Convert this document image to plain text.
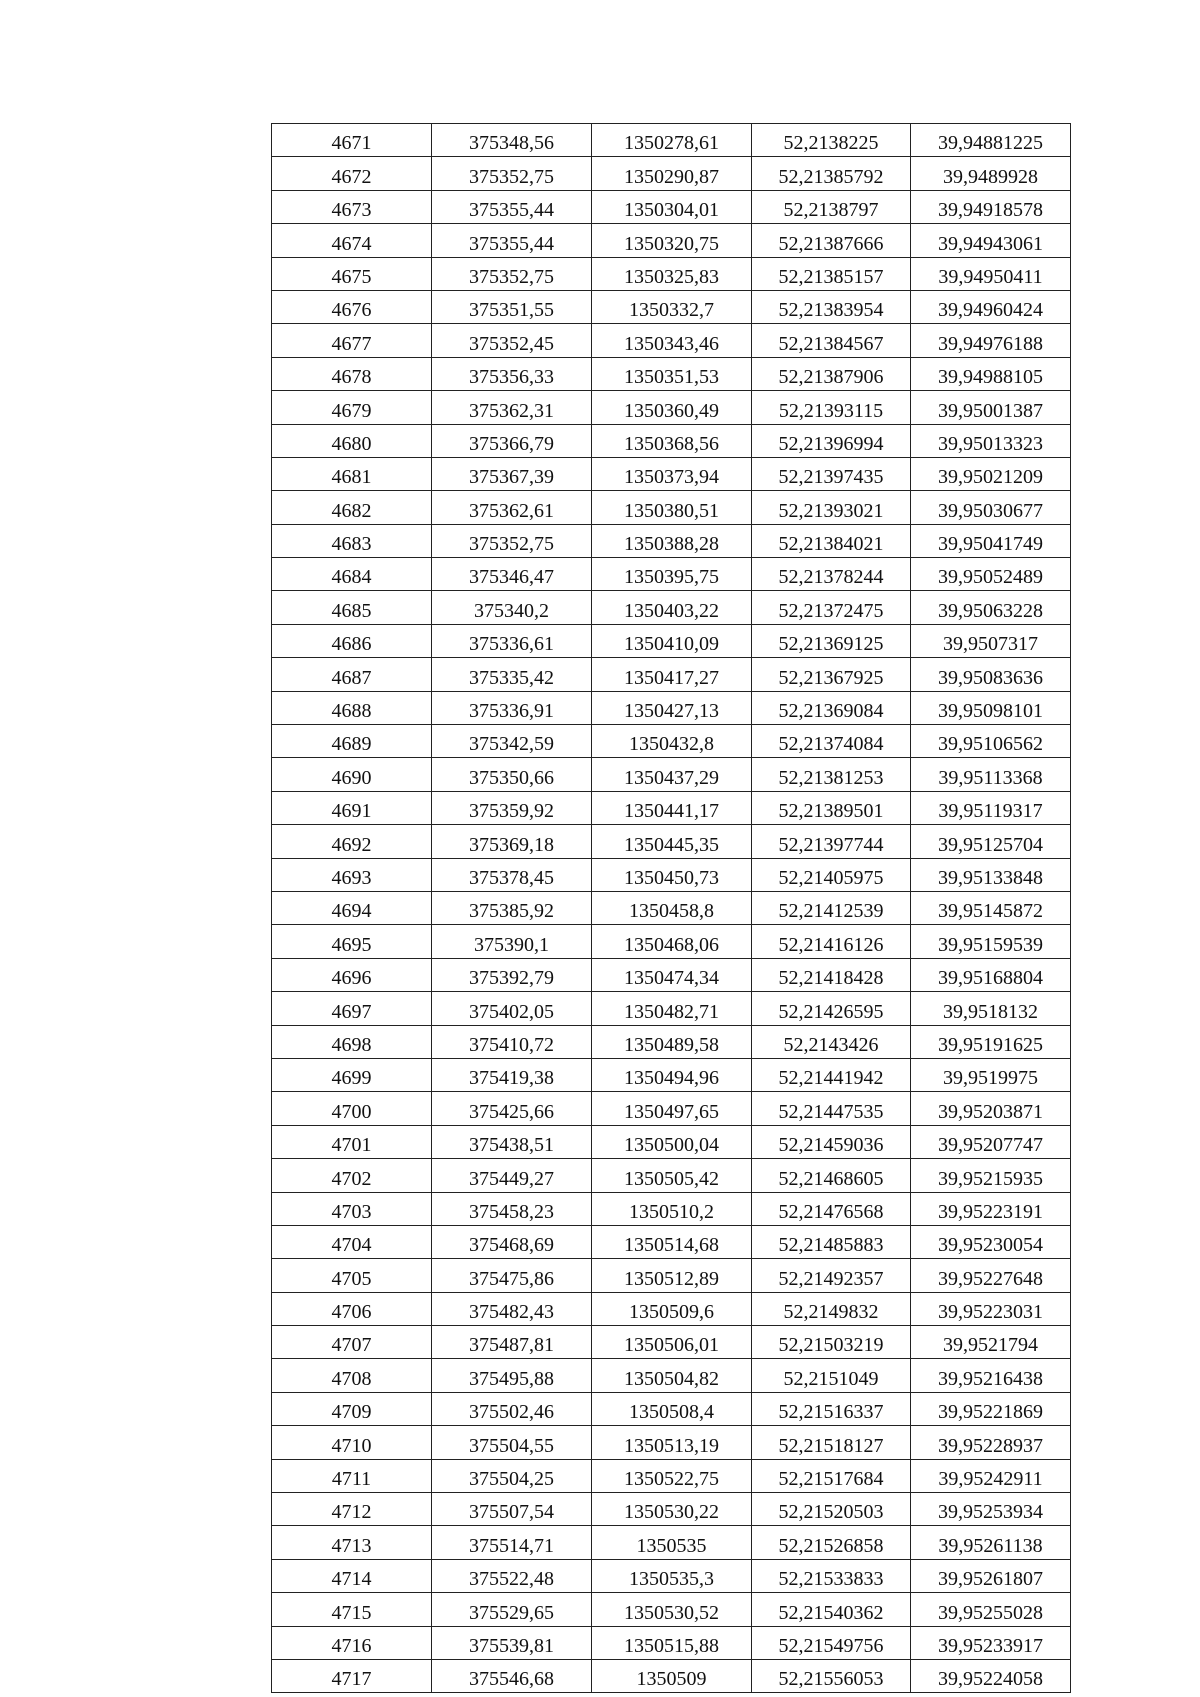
4671	375348,56	1350278,61	52,2138225	39,94881225
4672	375352,75	1350290,87	52,21385792	39,9489928
4673	375355,44	1350304,01	52,2138797	39,94918578
4674	375355,44	1350320,75	52,21387666	39,94943061
4675	375352,75	1350325,83	52,21385157	39,94950411
4676	375351,55	1350332,7	52,21383954	39,94960424
4677	375352,45	1350343,46	52,21384567	39,94976188
4678	375356,33	1350351,53	52,21387906	39,94988105
4679	375362,31	1350360,49	52,21393115	39,95001387
4680	375366,79	1350368,56	52,21396994	39,95013323
4681	375367,39	1350373,94	52,21397435	39,95021209
4682	375362,61	1350380,51	52,21393021	39,95030677
4683	375352,75	1350388,28	52,21384021	39,95041749
4684	375346,47	1350395,75	52,21378244	39,95052489
4685	375340,2	1350403,22	52,21372475	39,95063228
4686	375336,61	1350410,09	52,21369125	39,9507317
4687	375335,42	1350417,27	52,21367925	39,95083636
4688	375336,91	1350427,13	52,21369084	39,95098101
4689	375342,59	1350432,8	52,21374084	39,95106562
4690	375350,66	1350437,29	52,21381253	39,95113368
4691	375359,92	1350441,17	52,21389501	39,95119317
4692	375369,18	1350445,35	52,21397744	39,95125704
4693	375378,45	1350450,73	52,21405975	39,95133848
4694	375385,92	1350458,8	52,21412539	39,95145872
4695	375390,1	1350468,06	52,21416126	39,95159539
4696	375392,79	1350474,34	52,21418428	39,95168804
4697	375402,05	1350482,71	52,21426595	39,9518132
4698	375410,72	1350489,58	52,2143426	39,95191625
4699	375419,38	1350494,96	52,21441942	39,9519975
4700	375425,66	1350497,65	52,21447535	39,95203871
4701	375438,51	1350500,04	52,21459036	39,95207747
4702	375449,27	1350505,42	52,21468605	39,95215935
4703	375458,23	1350510,2	52,21476568	39,95223191
4704	375468,69	1350514,68	52,21485883	39,95230054
4705	375475,86	1350512,89	52,21492357	39,95227648
4706	375482,43	1350509,6	52,2149832	39,95223031
4707	375487,81	1350506,01	52,21503219	39,9521794
4708	375495,88	1350504,82	52,2151049	39,95216438
4709	375502,46	1350508,4	52,21516337	39,95221869
4710	375504,55	1350513,19	52,21518127	39,95228937
4711	375504,25	1350522,75	52,21517684	39,95242911
4712	375507,54	1350530,22	52,21520503	39,95253934
4713	375514,71	1350535	52,21526858	39,95261138
4714	375522,48	1350535,3	52,21533833	39,95261807
4715	375529,65	1350530,52	52,21540362	39,95255028
4716	375539,81	1350515,88	52,21549756	39,95233917
4717	375546,68	1350509	52,21556053	39,95224058
